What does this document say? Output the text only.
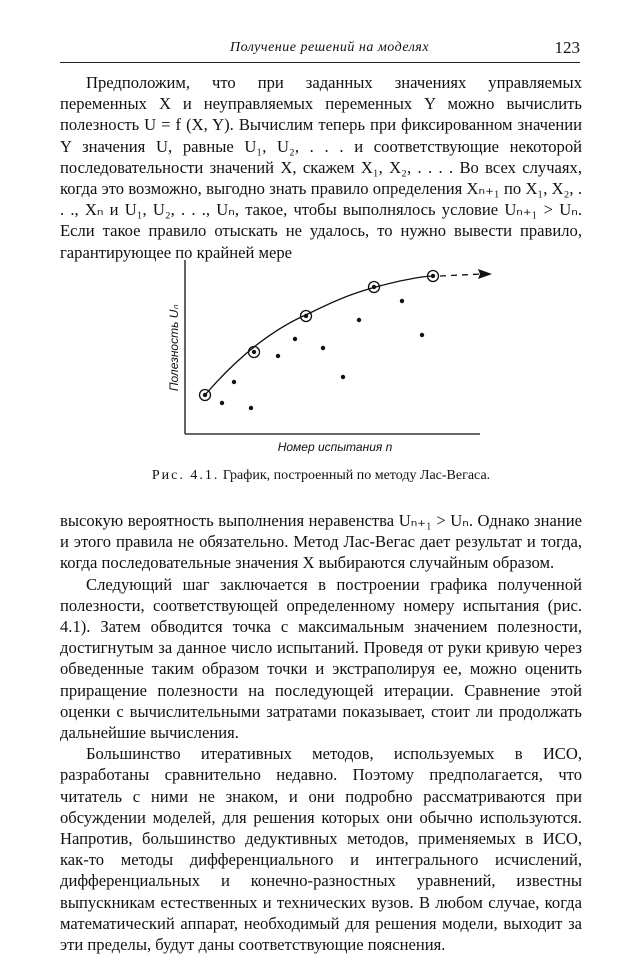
Получение решений на моделях	123

Предположим, что при заданных значениях управляемых переменных X и неуправляемых переменных Y можно вычислить полезность U = f (X, Y). Вычислим теперь при фиксированном значении Y значения U, равные U₁, U₂, . . . и соответствующие некоторой последовательности значений X, скажем X₁, X₂, . . . . Во всех случаях, когда это возможно, выгодно знать правило определения Xₙ₊₁ по X₁, X₂, . . ., Xₙ и U₁, U₂, . . ., Uₙ, такое, чтобы выполнялось условие Uₙ₊₁ > Uₙ. Если такое правило отыскать не удалось, то нужно вывести правило, гарантирующее по крайней мере

Полезность Uₙ
Номер испытания n
Рис. 4.1. График, построенный по методу Лас-Вегаса.

высокую вероятность выполнения неравенства Uₙ₊₁ > Uₙ. Однако знание и этого правила не обязательно. Метод Лас-Вегас дает результат и тогда, когда последовательные значения X выбираются случайным образом.

Следующий шаг заключается в построении графика полученной полезности, соответствующей определенному номеру испытания (рис. 4.1). Затем обводится точка с максимальным значением полезности, достигнутым за данное число испытаний. Проведя от руки кривую через обведенные таким образом точки и экстраполируя ее, можно оценить приращение полезности на последующей итерации. Сравнение этой оценки с вычислительными затратами показывает, стоит ли продолжать дальнейшие вычисления.

Большинство итеративных методов, используемых в ИСО, разработаны сравнительно недавно. Поэтому предполагается, что читатель с ними не знаком, и они подробно рассматриваются при обсуждении моделей, для решения которых они обычно используются. Напротив, большинство дедуктивных методов, применяемых в ИСО, как-то методы дифференциального и интегрального исчислений, дифференциальных и конечно-разностных уравнений, известны выпускникам естественных и технических вузов. В любом случае, когда математический аппарат, необходимый для решения модели, выходит за эти пределы, будут даны соответствующие пояснения.
